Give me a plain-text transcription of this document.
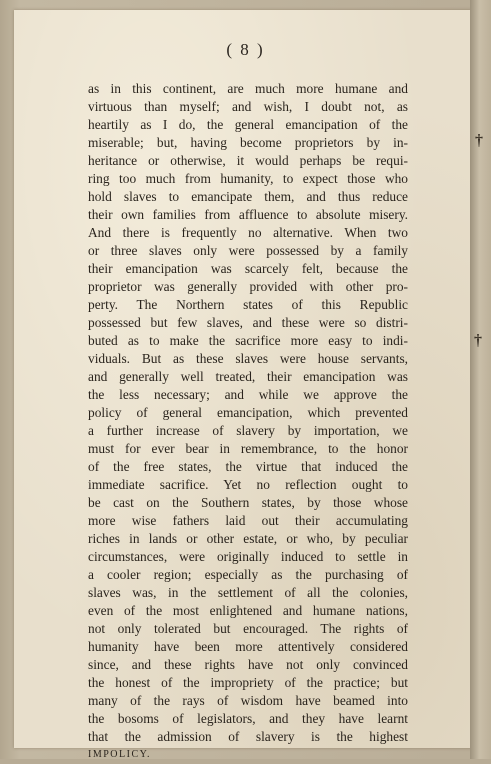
†
†
( 8 )
as in this continent, are much more humane and
virtuous than myself; and wish, I doubt not, as
heartily as I do, the general emancipation of the
miserable; but, having become proprietors by in-
heritance or otherwise, it would perhaps be requi-
ring too much from humanity, to expect those who
hold slaves to emancipate them, and thus reduce
their own families from affluence to absolute misery.
And there is frequently no alternative. When two
or three slaves only were possessed by a family
their emancipation was scarcely felt, because the
proprietor was generally provided with other pro-
perty. The Northern states of this Republic
possessed but few slaves, and these were so distri-
buted as to make the sacrifice more easy to indi-
viduals. But as these slaves were house servants,
and generally well treated, their emancipation was
the less necessary; and while we approve the
policy of general emancipation, which prevented
a further increase of slavery by importation, we
must for ever bear in remembrance, to the honor
of the free states, the virtue that induced the
immediate sacrifice. Yet no reflection ought to
be cast on the Southern states, by those whose
more wise fathers laid out their accumulating
riches in lands or other estate, or who, by peculiar
circumstances, were originally induced to settle in
a cooler region; especially as the purchasing of
slaves was, in the settlement of all the colonies,
even of the most enlightened and humane nations,
not only tolerated but encouraged. The rights of
humanity have been more attentively considered
since, and these rights have not only convinced
the honest of the impropriety of the practice; but
many of the rays of wisdom have beamed into
the bosoms of legislators, and they have learnt
that the admission of slavery is the highest
IMPOLICY.
